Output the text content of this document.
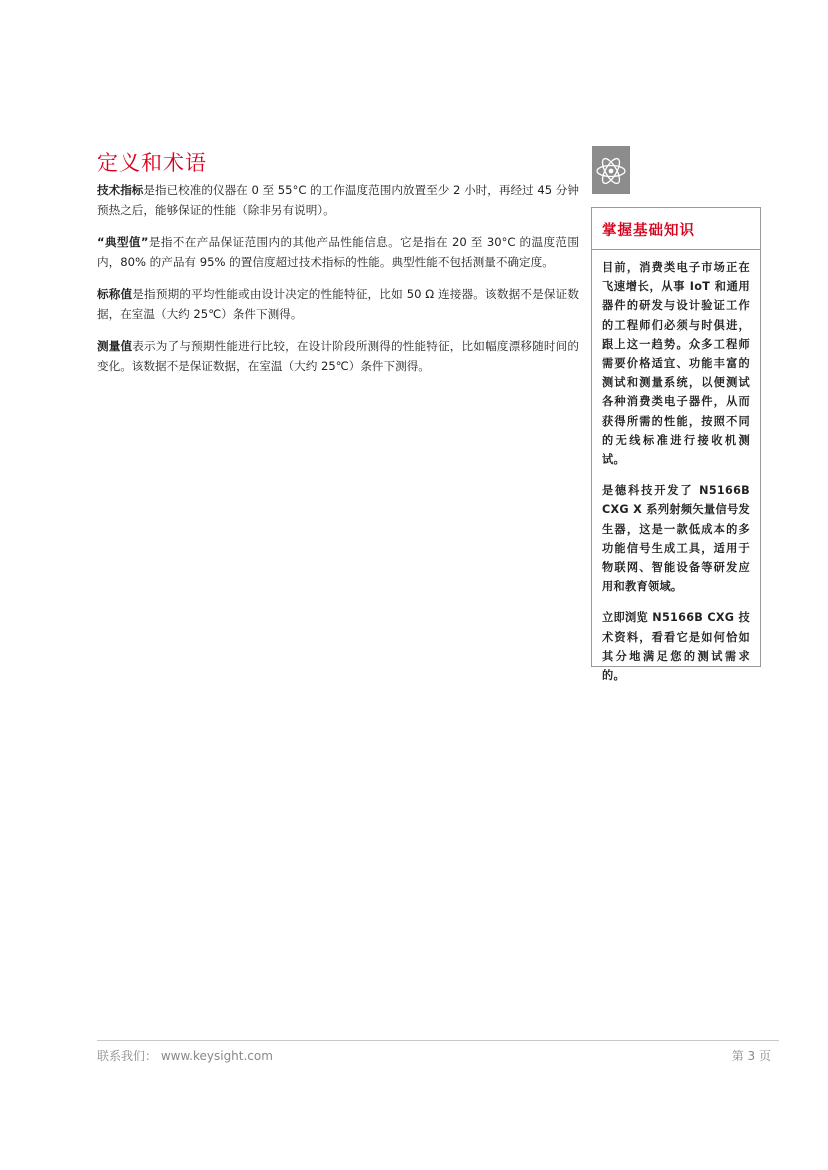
定义和术语

技术指标是指已校准的仪器在 0 至 55°C 的工作温度范围内放置至少 2 小时，再经过 45 分钟预热之后，能够保证的性能（除非另有说明）。

“典型值”是指不在产品保证范围内的其他产品性能信息。它是指在 20 至 30°C 的温度范围内，80% 的产品有 95% 的置信度超过技术指标的性能。典型性能不包括测量不确定度。

标称值是指预期的平均性能或由设计决定的性能特征，比如 50 Ω 连接器。该数据不是保证数据，在室温（大约 25℃）条件下测得。

测量值表示为了与预期性能进行比较，在设计阶段所测得的性能特征，比如幅度漂移随时间的变化。该数据不是保证数据，在室温（大约 25℃）条件下测得。

掌握基础知识

目前，消费类电子市场正在飞速增长，从事 IoT 和通用器件的研发与设计验证工作的工程师们必须与时俱进，跟上这一趋势。众多工程师需要价格适宜、功能丰富的测试和测量系统，以便测试各种消费类电子器件，从而获得所需的性能，按照不同的无线标准进行接收机测试。

是德科技开发了 N5166B CXG X 系列射频矢量信号发生器，这是一款低成本的多功能信号生成工具，适用于物联网、智能设备等研发应用和教育领域。

立即浏览 N5166B CXG 技术资料，看看它是如何恰如其分地满足您的测试需求的。

联系我们： www.keysight.com	第 3 页
